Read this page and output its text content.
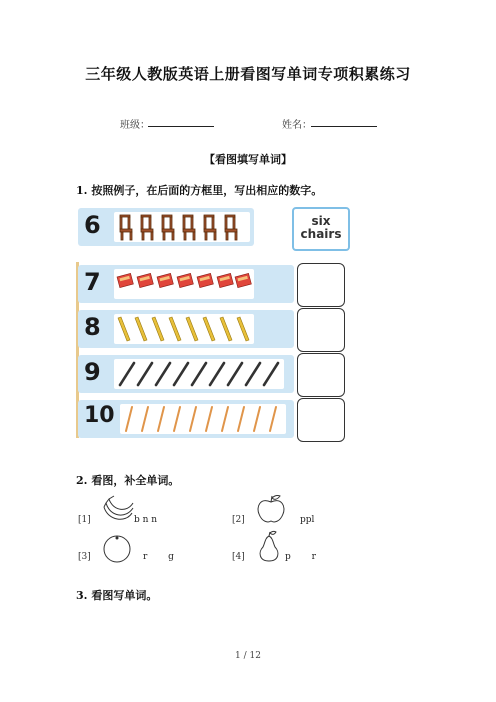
三年级人教版英语上册看图写单词专项积累练习
班级：	姓名：
【看图填写单词】
1. 按照例子，在后面的方框里，写出相应的数字。
6	six
chairs
7
8
9
10
2. 看图，补全单词。
[1]	b n n	[2]	ppl
[3]	r g	[4]	p r
3. 看图写单词。
1 / 12
